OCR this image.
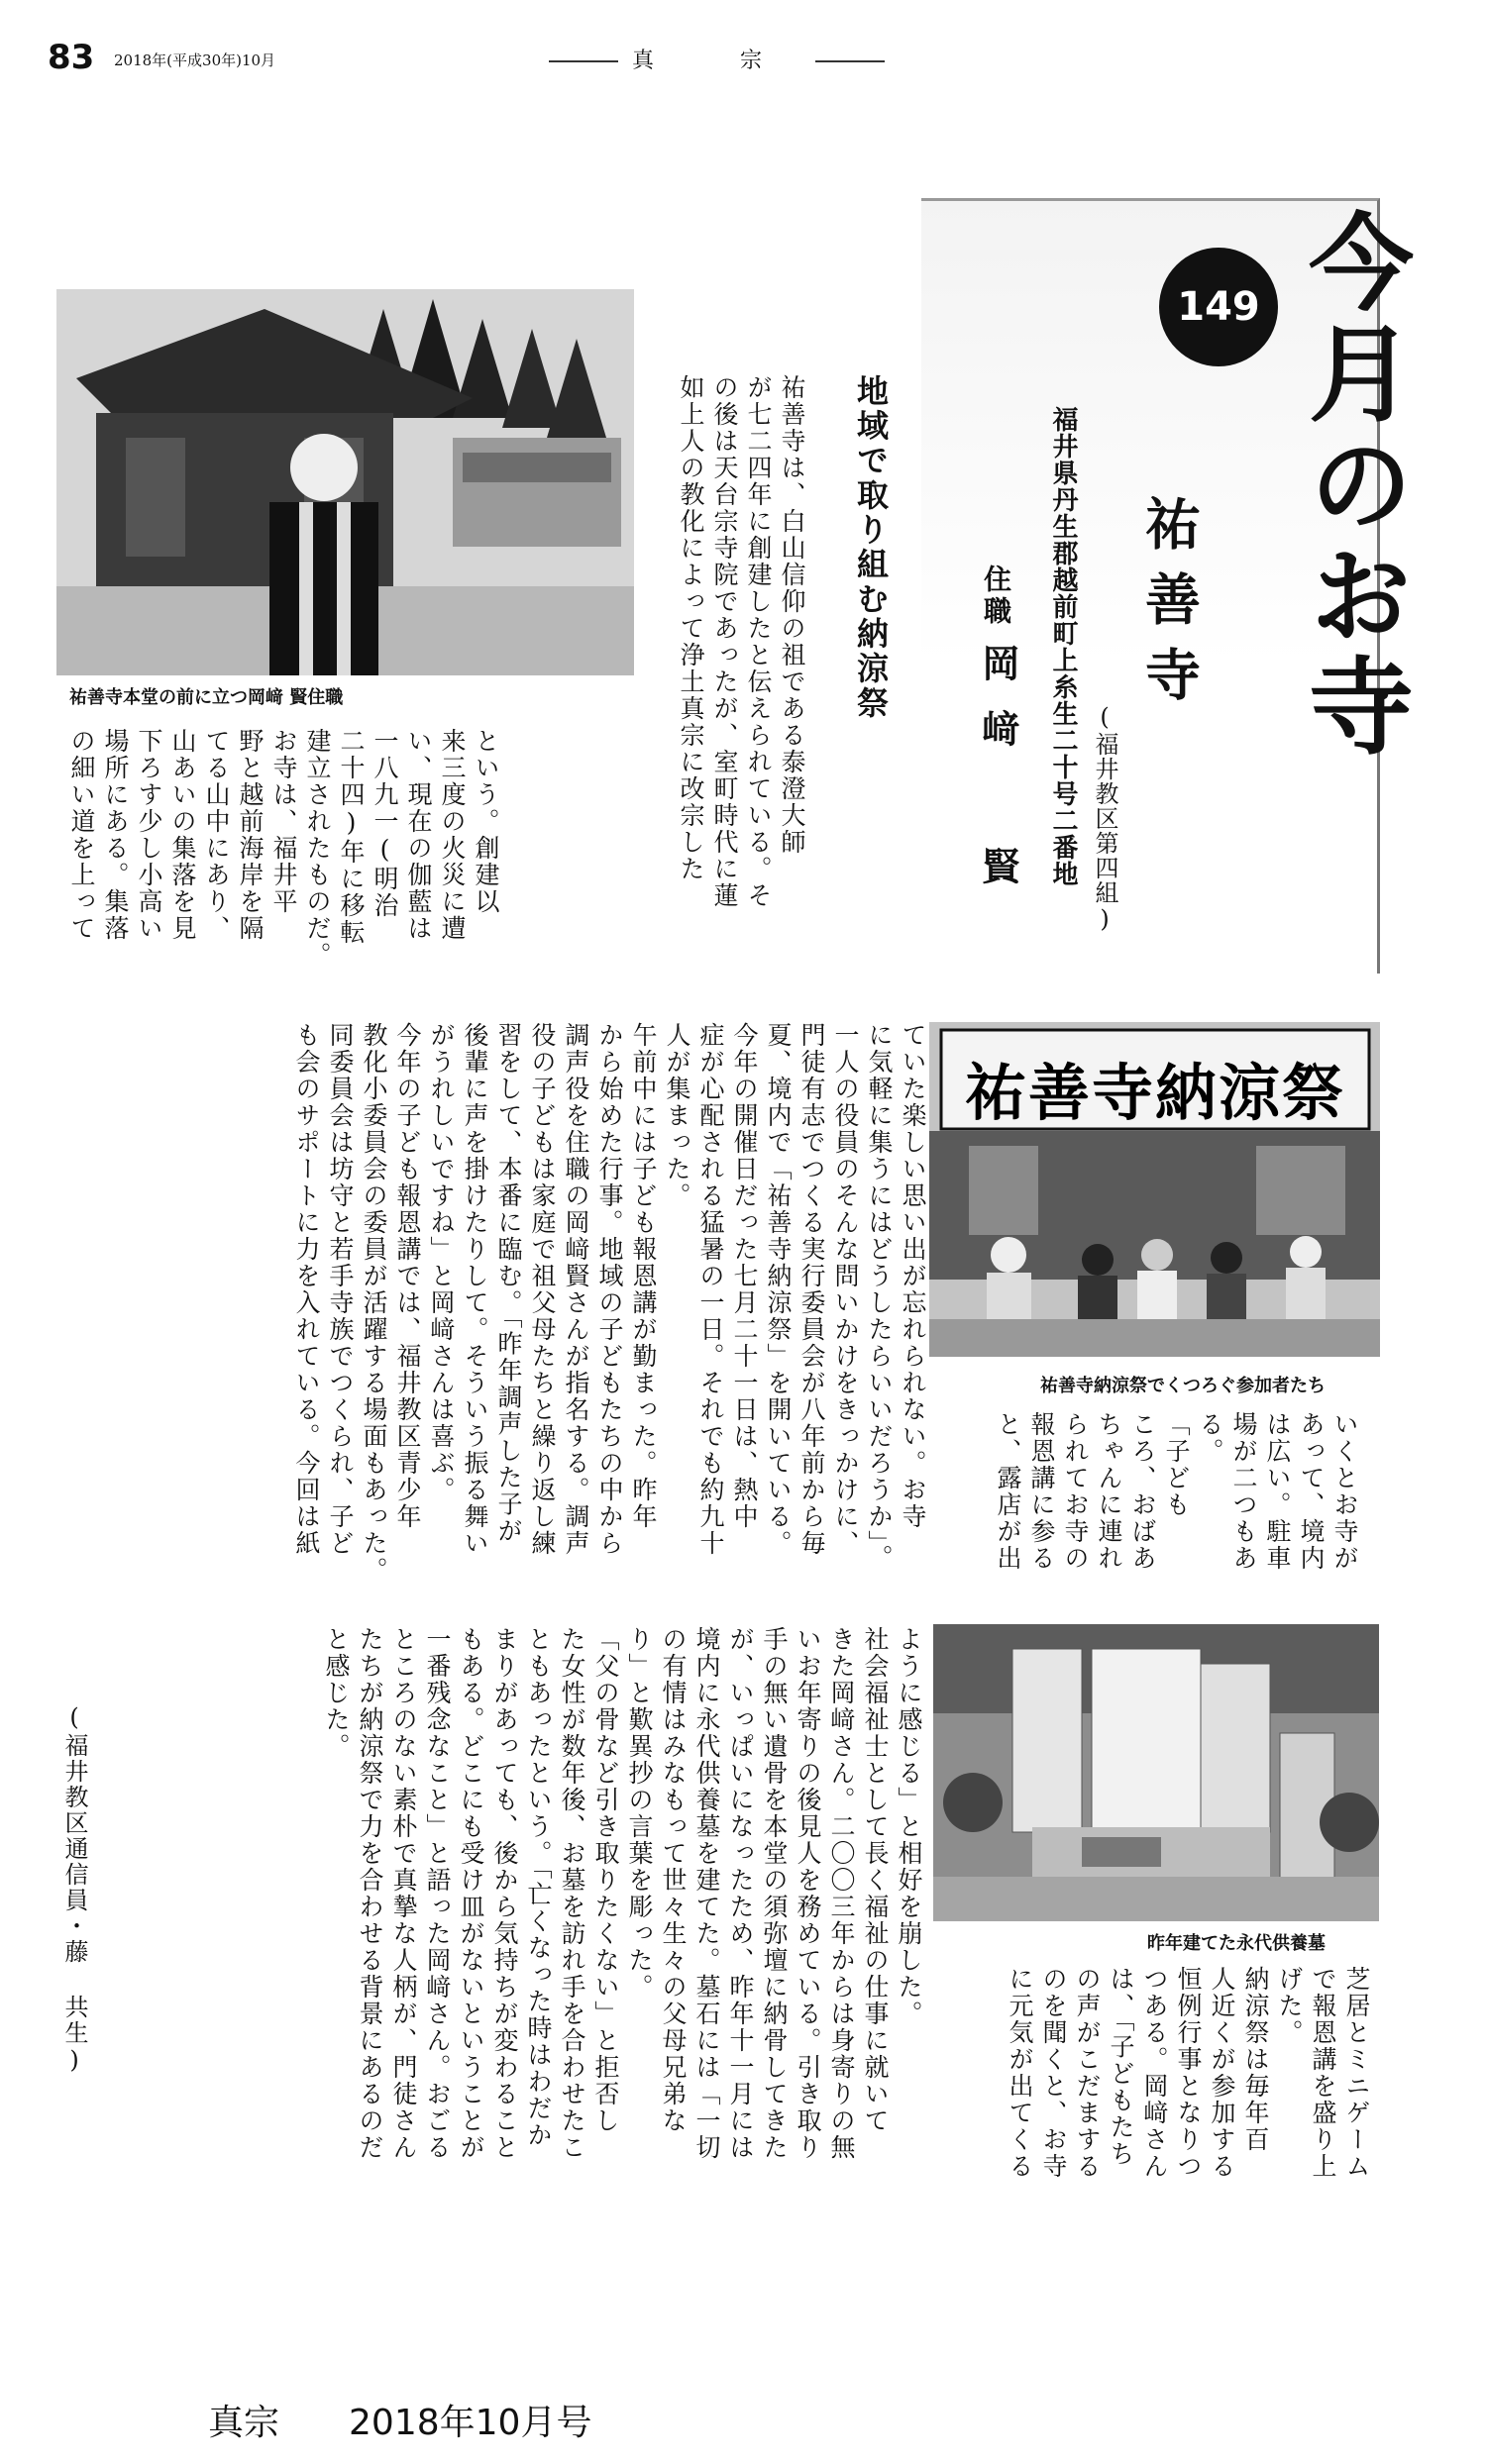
83 2018年(平成30年)10月	真 宗
今月のお寺
149
祐善寺
(福井教区第四組)
福井県丹生郡越前町上糸生二十号二番地
住職
岡﨑 賢
祐善寺本堂の前に立つ岡﨑 賢住職
祐善寺納涼祭
祐善寺納涼祭でくつろぐ参加者たち
昨年建てた永代供養墓
地域で取り組む納涼祭
祐善寺は、白山信仰の祖である泰澄大師
が七二四年に創建したと伝えられている。そ
の後は天台宗寺院であったが、室町時代に蓮
如上人の教化によって浄土真宗に改宗した
という。創建以
来三度の火災に遭
い、現在の伽藍は
一八九一(明治
二十四)年に移転
建立されたものだ。
お寺は、福井平
野と越前海岸を隔
てる山中にあり、
山あいの集落を見
下ろす少し小高い
場所にある。集落
の細い道を上って
いくとお寺が
あって、境内
は広い。駐車
場が二つもあ
る。
「子ども
ころ、おばあ
ちゃんに連れ
られてお寺の
報恩講に参る
と、露店が出
ていた楽しい思い出が忘れられない。お寺
に気軽に集うにはどうしたらいいだろうか」。
一人の役員のそんな問いかけをきっかけに、
門徒有志でつくる実行委員会が八年前から毎
夏、境内で「祐善寺納涼祭」を開いている。
今年の開催日だった七月二十一日は、熱中
症が心配される猛暑の一日。それでも約九十
人が集まった。
午前中には子ども報恩講が勤まった。昨年
から始めた行事。地域の子どもたちの中から
調声役を住職の岡﨑賢さんが指名する。調声
役の子どもは家庭で祖父母たちと繰り返し練
習をして、本番に臨む。「昨年調声した子が
後輩に声を掛けたりして。そういう振る舞い
がうれしいですね」と岡﨑さんは喜ぶ。
今年の子ども報恩講では、福井教区青少年
教化小委員会の委員が活躍する場面もあった。
同委員会は坊守と若手寺族でつくられ、子ど
も会のサポートに力を入れている。今回は紙
芝居とミニゲーム
で報恩講を盛り上
げた。
納涼祭は毎年百
人近くが参加する
恒例行事となりつ
つある。岡﨑さん
は、「子どもたち
の声がこだまする
のを聞くと、お寺
に元気が出てくる
ように感じる」と相好を崩した。
社会福祉士として長く福祉の仕事に就いて
きた岡﨑さん。二〇〇三年からは身寄りの無
いお年寄りの後見人を務めている。引き取り
手の無い遺骨を本堂の須弥壇に納骨してきた
が、いっぱいになったため、昨年十一月には
境内に永代供養墓を建てた。墓石には「一切
の有情はみなもって世々生々の父母兄弟な
り」と歎異抄の言葉を彫った。
「父の骨など引き取りたくない」と拒否し
た女性が数年後、お墓を訪れ手を合わせたこ
ともあったという。「亡くなった時はわだか
まりがあっても、後から気持ちが変わること
もある。どこにも受け皿がないということが
一番残念なこと」と語った岡﨑さん。おごる
ところのない素朴で真摯な人柄が、門徒さん
たちが納涼祭で力を合わせる背景にあるのだ
と感じた。
(福井教区通信員・藤 共生)
真宗 2018年10月号
